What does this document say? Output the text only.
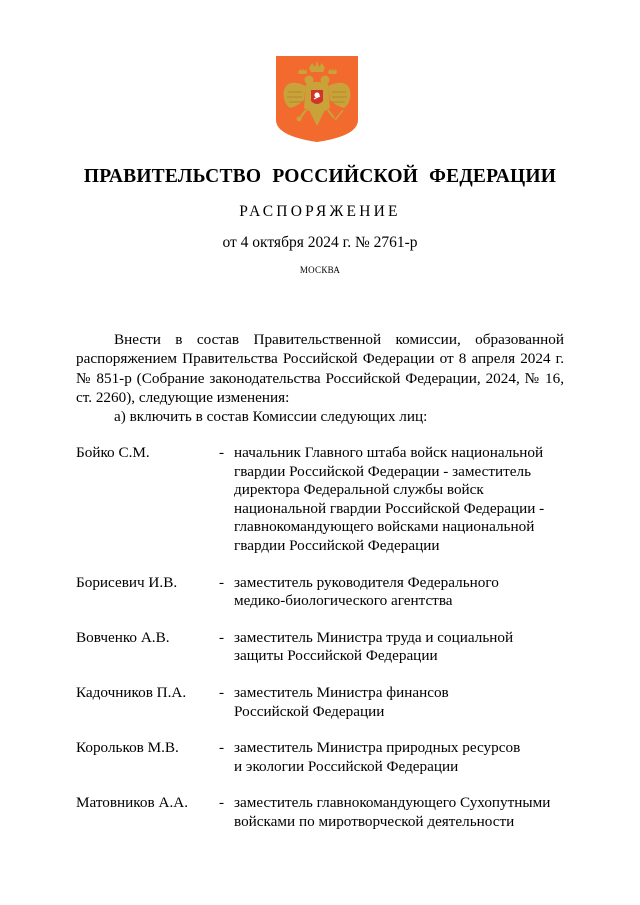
ПРАВИТЕЛЬСТВО РОССИЙСКОЙ ФЕДЕРАЦИИ
РАСПОРЯЖЕНИЕ
от 4 октября 2024 г. № 2761-р
МОСКВА

Внести в состав Правительственной комиссии, образованной распоряжением Правительства Российской Федерации от 8 апреля 2024 г. № 851-р (Собрание законодательства Российской Федерации, 2024, № 16, ст. 2260), следующие изменения:

а) включить в состав Комиссии следующих лиц:
Бойко С.М.	- начальник Главного штаба войск национальной
гвардии Российской Федерации - заместитель
директора Федеральной службы войск
национальной гвардии Российской Федерации -
главнокомандующего войсками национальной
гвардии Российской Федерации
Борисевич И.В.	- заместитель руководителя Федерального
медико-биологического агентства
Вовченко А.В.	- заместитель Министра труда и социальной
защиты Российской Федерации
Кадочников П.А.	- заместитель Министра финансов
Российской Федерации
Корольков М.В.	- заместитель Министра природных ресурсов
и экологии Российской Федерации
Матовников А.А.	- заместитель главнокомандующего Сухопутными
войсками по миротворческой деятельности
